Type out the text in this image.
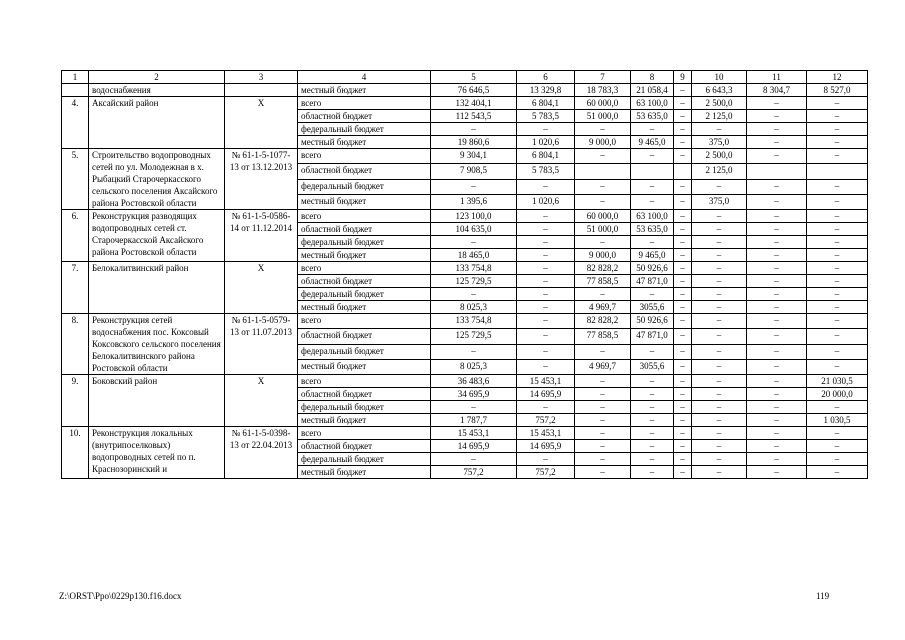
1	2	3	4	5	6	7	8	9	10	11	12
	водоснабжения		местный бюджет	76 646,5	13 329,8	18 783,3	21 058,4	–	6 643,3	8 304,7	8 527,0
4.	Аксайский район	Х	всего	132 404,1	6 804,1	60 000,0	63 100,0	–	2 500,0	–	–
			областной бюджет	112 543,5	5 783,5	51 000,0	53 635,0	–	2 125,0	–	–
			федеральный бюджет	–	–	–	–	–	–	–	–
			местный бюджет	19 860,6	1 020,6	9 000,0	9 465,0	–	375,0	–	–
5.	Строительство водопроводных сетей по ул. Молодежная в х. Рыбацкий Старочеркасского сельского поселения Аксайского района Ростовской области	№ 61-1-5-1077-13 от 13.12.2013	всего	9 304,1	6 804,1	–	–	–	2 500,0	–	–
			областной бюджет	7 908,5	5 783,5				2 125,0		
			федеральный бюджет	–	–	–	–	–	–	–	–
			местный бюджет	1 395,6	1 020,6	–	–	–	375,0	–	–
6.	Реконструкция разводящих водопроводных сетей ст. Старочеркасской Аксайского района Ростовской области	№ 61-1-5-0586-14 от 11.12.2014	всего	123 100,0	–	60 000,0	63 100,0	–	–	–	–
			областной бюджет	104 635,0	–	51 000,0	53 635,0	–	–	–	–
			федеральный бюджет	–	–	–	–	–	–	–	–
			местный бюджет	18 465,0	–	9 000,0	9 465,0	–	–	–	–
7.	Белокалитвинский район	Х	всего	133 754,8	–	82 828,2	50 926,6	–	–	–	–
			областной бюджет	125 729,5	–	77 858,5	47 871,0	–	–	–	–
			федеральный бюджет	–	–	–	–	–	–	–	–
			местный бюджет	8 025,3	–	4 969,7	3055,6	–	–	–	–
8.	Реконструкция сетей водоснабжения пос. Коксовый Коксовского сельского поселения Белокалитвинского района Ростовской области	№ 61-1-5-0579-13 от 11.07.2013	всего	133 754,8	–	82 828,2	50 926,6	–	–	–	–
			областной бюджет	125 729,5	–	77 858,5	47 871,0	–	–	–	–
			федеральный бюджет	–	–	–	–	–	–	–	–
			местный бюджет	8 025,3	–	4 969,7	3055,6	–	–	–	–
9.	Боковский район	Х	всего	36 483,6	15 453,1	–	–	–	–	–	21 030,5
			областной бюджет	34 695,9	14 695,9	–	–	–	–	–	20 000,0
			федеральный бюджет	–	–	–	–	–	–	–	–
			местный бюджет	1 787,7	757,2	–	–	–	–	–	1 030,5
10.	Реконструкция локальных (внутрипоселковых) водопроводных сетей по п. Краснозоринский и	№ 61-1-5-0398-13 от 22.04.2013	всего	15 453,1	15 453,1	–	–	–	–	–	–
			областной бюджет	14 695,9	14 695,9	–	–	–	–	–	–
			федеральный бюджет	–	–	–	–	–	–	–	–
			местный бюджет	757,2	757,2	–	–	–	–	–	–
Z:\ORST\Ppo\0229p130.f16.docx	119
